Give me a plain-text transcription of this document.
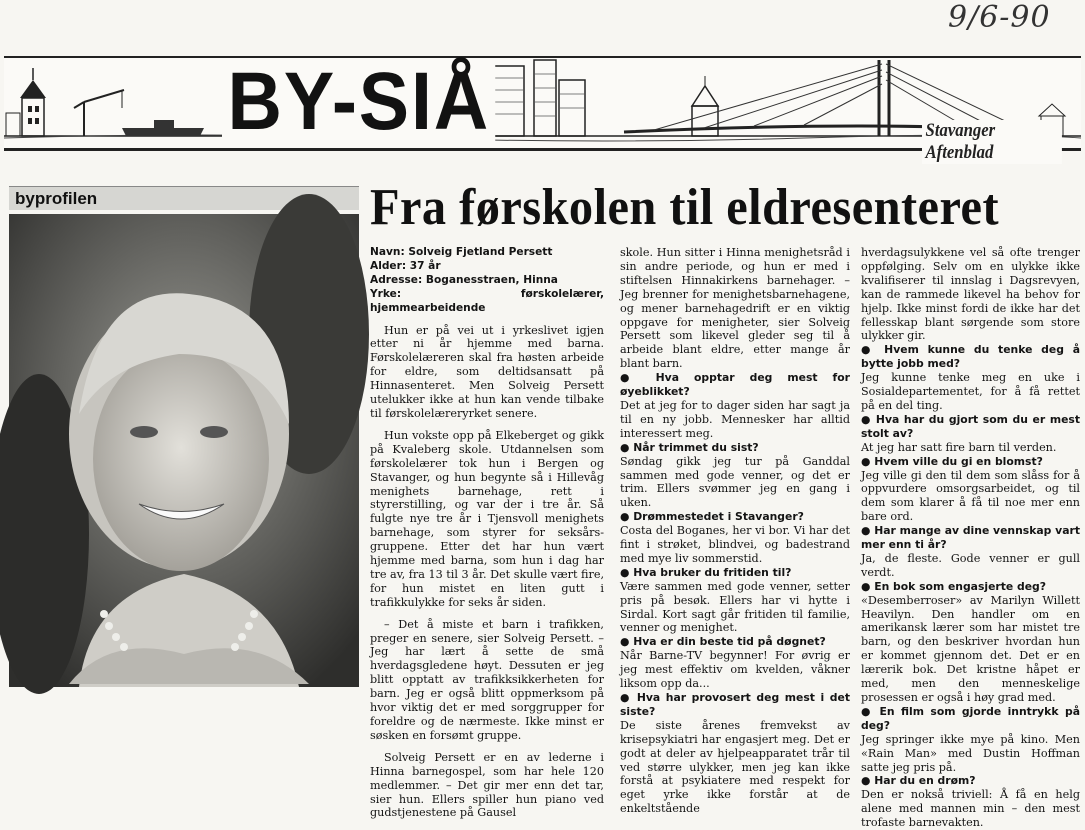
9/6-90
BY-SIÅ	Stavanger Aftenblad
byprofilen	Fra førskolen til eldresenteret

Navn: Solveig Fjetland Persett

Alder: 37 år

Adresse: Boganesstraen, Hinna

Yrke: førskolelærer, hjemmearbeidende

Hun er på vei ut i yrkeslivet igjen etter ni år hjemme med barna. Førskolelæreren skal fra høsten arbeide for eldre, som deltidsansatt på Hinnasenteret. Men Solveig Persett utelukker ikke at hun kan vende tilbake til førskolelæreryrket senere.

Hun vokste opp på Elkeberget og gikk på Kvaleberg skole. Utdannelsen som førskolelærer tok hun i Bergen og Stavanger, og hun begynte så i Hillevåg menighets barnehage, rett i styrerstilling, og var der i tre år. Så fulgte nye tre år i Tjensvoll menighets barnehage, som styrer for seksårs-gruppene. Etter det har hun vært hjemme med barna, som hun i dag har tre av, fra 13 til 3 år. Det skulle vært fire, for hun mistet en liten gutt i trafikkulykke for seks år siden.

– Det å miste et barn i trafikken, preger en senere, sier Solveig Persett. – Jeg har lært å sette de små hverdagsgledene høyt. Dessuten er jeg blitt opptatt av trafikksikkerheten for barn. Jeg er også blitt oppmerksom på hvor viktig det er med sorggrupper for foreldre og de nærmeste. Ikke minst er søsken en forsømt gruppe.

Solveig Persett er en av lederne i Hinna barnegospel, som har hele 120 medlemmer. – Det gir mer enn det tar, sier hun. Ellers spiller hun piano ved gudstjenestene på Gausel

skole. Hun sitter i Hinna menighetsråd i sin andre periode, og hun er med i stiftelsen Hinnakirkens barnehager. – Jeg brenner for menighetsbarnehagene, og mener barnehagedrift er en viktig oppgave for menigheter, sier Solveig Persett som likevel gleder seg til å arbeide blant eldre, etter mange år blant barn.

● Hva opptar deg mest for øyeblikket?

Det at jeg for to dager siden har sagt ja til en ny jobb. Mennesker har alltid interessert meg.

● Når trimmet du sist?

Søndag gikk jeg tur på Ganddal sammen med gode venner, og det er trim. Ellers svømmer jeg en gang i uken.

● Drømmestedet i Stavanger?

Costa del Boganes, her vi bor. Vi har det fint i strøket, blindvei, og badestrand med mye liv sommerstid.

● Hva bruker du fritiden til?

Være sammen med gode venner, setter pris på besøk. Ellers har vi hytte i Sirdal. Kort sagt går fritiden til familie, venner og menighet.

● Hva er din beste tid på døgnet?

Når Barne-TV begynner! For øvrig er jeg mest effektiv om kvelden, våkner liksom opp da...

● Hva har provosert deg mest i det siste?

De siste årenes fremvekst av krisepsykiatri har engasjert meg. Det er godt at deler av hjelpeapparatet trår til ved større ulykker, men jeg kan ikke forstå at psykiatere med respekt for eget yrke ikke forstår at de enkeltstående

hverdagsulykkene vel så ofte trenger oppfølging. Selv om en ulykke ikke kvalifiserer til innslag i Dagsrevyen, kan de rammede likevel ha behov for hjelp. Ikke minst fordi de ikke har det fellesskap blant sørgende som store ulykker gir.

● Hvem kunne du tenke deg å bytte jobb med?

Jeg kunne tenke meg en uke i Sosialdepartementet, for å få rettet på en del ting.

● Hva har du gjort som du er mest stolt av?

At jeg har satt fire barn til verden.

● Hvem ville du gi en blomst?

Jeg ville gi den til dem som slåss for å oppvurdere omsorgsarbeidet, og til dem som klarer å få til noe mer enn bare ord.

● Har mange av dine vennskap vart mer enn ti år?

Ja, de fleste. Gode venner er gull verdt.

● En bok som engasjerte deg?

«Desemberroser» av Marilyn Willett Heavilyn. Den handler om en amerikansk lærer som har mistet tre barn, og den beskriver hvordan hun er kommet gjennom det. Det er en lærerik bok. Det kristne håpet er med, men den menneskelige prosessen er også i høy grad med.

● En film som gjorde inntrykk på deg?

Jeg springer ikke mye på kino. Men «Rain Man» med Dustin Hoffman satte jeg pris på.

● Har du en drøm?

Den er nokså triviell: Å få en helg alene med mannen min – den mest trofaste barnevakten.
